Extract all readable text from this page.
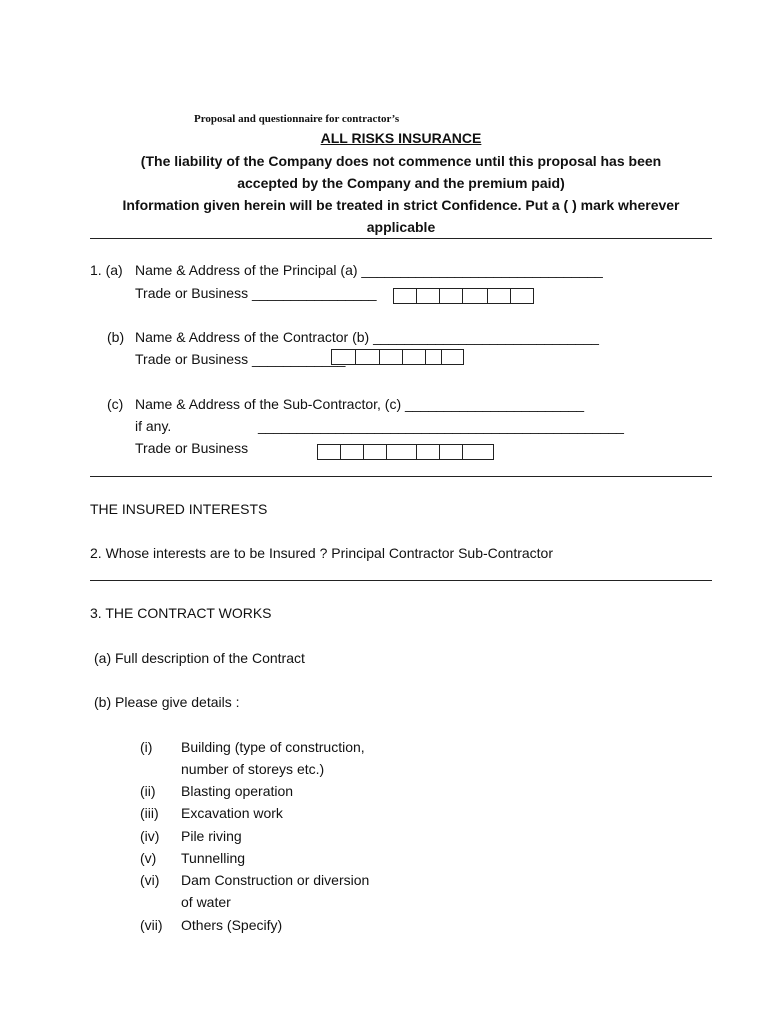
Proposal and questionnaire for contractor’s
ALL RISKS INSURANCE
(The liability of the Company does not commence until this proposal has been
accepted by the Company and the premium paid)
Information given herein will be treated in strict Confidence. Put a ( ) mark wherever
applicable
1. (a) Name & Address of the Principal (a) _______________________________
Trade or Business ________________
(b) Name & Address of the Contractor (b) _____________________________
Trade or Business ____________
(c) Name & Address of the Sub-Contractor, (c) _______________________
if any.	_______________________________________________
Trade or Business
THE INSURED INTERESTS
2. Whose interests are to be Insured ? Principal Contractor Sub-Contractor
3. THE CONTRACT WORKS
(a) Full description of the Contract
(b) Please give details :
(i) Building (type of construction,
number of storeys etc.)
(ii) Blasting operation
(iii) Excavation work
(iv) Pile riving
(v) Tunnelling
(vi) Dam Construction or diversion
of water
(vii) Others (Specify)
